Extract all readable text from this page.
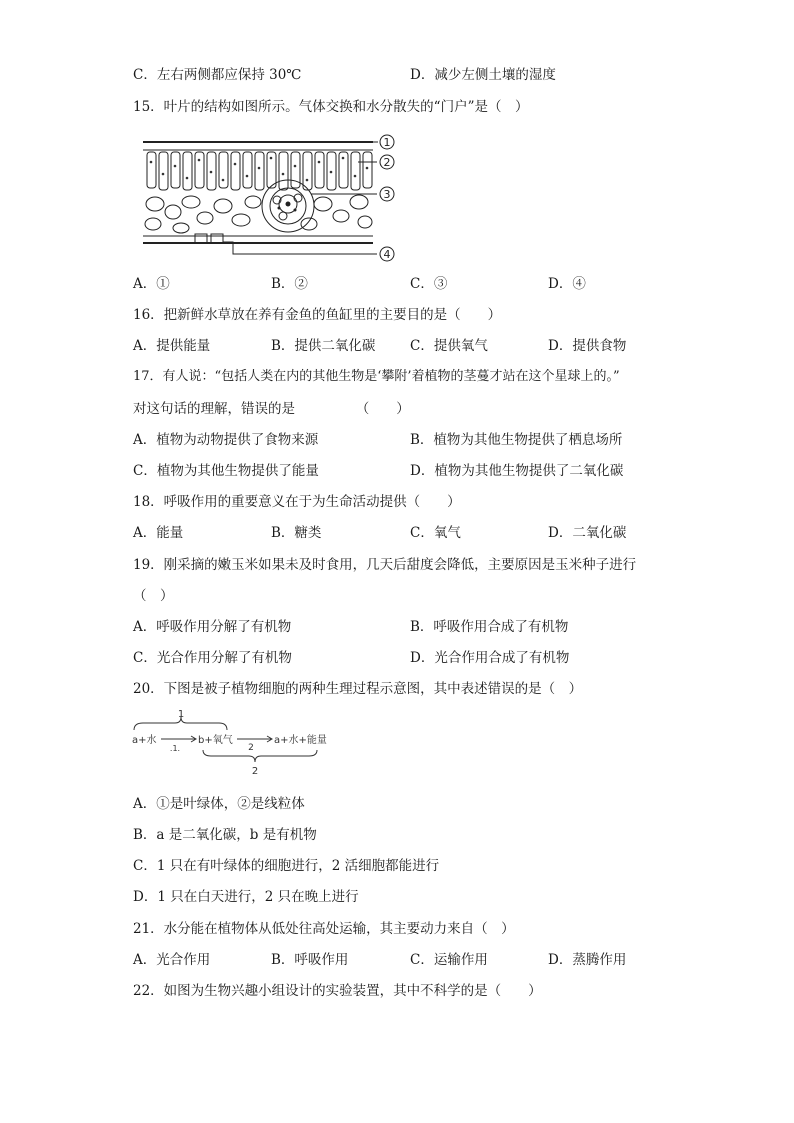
C．左右两侧都应保持 30℃	D．减少左侧土壤的湿度
15．叶片的结构如图所示。气体交换和水分散失的“门户”是（　）
1
2
3
4
A．①	B．②	C．③	D．④
16．把新鲜水草放在养有金鱼的鱼缸里的主要目的是（　　）
A．提供能量	B．提供二氧化碳	C．提供氧气	D．提供食物
17．有人说：“包括人类在内的其他生物是‘攀附’着植物的茎蔓才站在这个星球上的。”
对这句话的理解，错误的是　　　　　（　　）
A．植物为动物提供了食物来源	B．植物为其他生物提供了栖息场所
C．植物为其他生物提供了能量	D．植物为其他生物提供了二氧化碳
18．呼吸作用的重要意义在于为生命活动提供（　　）
A．能量	B．糖类	C．氧气	D．二氧化碳
19．刚采摘的嫩玉米如果未及时食用，几天后甜度会降低，主要原因是玉米种子进行
（　）
A．呼吸作用分解了有机物	B．呼吸作用合成了有机物
C．光合作用分解了有机物	D．光合作用合成了有机物
20．下图是被子植物细胞的两种生理过程示意图，其中表述错误的是（　）
1
a+水	b+氧气	a+水+能量
.1.	2
2
A．①是叶绿体，②是线粒体
B．a 是二氧化碳，b 是有机物
C．1 只在有叶绿体的细胞进行，2 活细胞都能进行
D．1 只在白天进行，2 只在晚上进行
21．水分能在植物体从低处往高处运输，其主要动力来自（　）
A．光合作用	B．呼吸作用	C．运输作用	D．蒸腾作用
22．如图为生物兴趣小组设计的实验装置，其中不科学的是（　　）
